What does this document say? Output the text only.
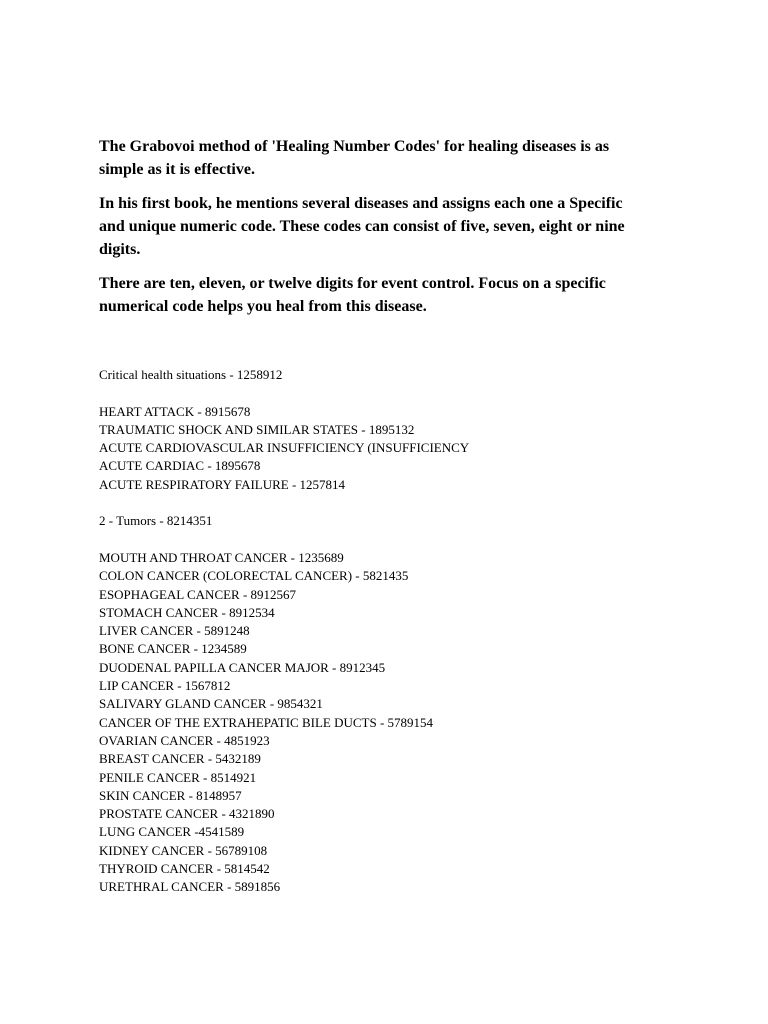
The Grabovoi method of 'Healing Number Codes' for healing diseases is as simple as it is effective.

In his first book, he mentions several diseases and assigns each one a Specific and unique numeric code. These codes can consist of five, seven, eight or nine digits.

There are ten, eleven, or twelve digits for event control. Focus on a specific numerical code helps you heal from this disease.

Critical health situations - 1258912
HEART ATTACK - 8915678
TRAUMATIC SHOCK AND SIMILAR STATES - 1895132
ACUTE CARDIOVASCULAR INSUFFICIENCY (INSUFFICIENCY
ACUTE CARDIAC - 1895678
ACUTE RESPIRATORY FAILURE - 1257814
2 - Tumors - 8214351
MOUTH AND THROAT CANCER - 1235689
COLON CANCER (COLORECTAL CANCER) - 5821435
ESOPHAGEAL CANCER - 8912567
STOMACH CANCER - 8912534
LIVER CANCER - 5891248
BONE CANCER - 1234589
DUODENAL PAPILLA CANCER MAJOR - 8912345
LIP CANCER - 1567812
SALIVARY GLAND CANCER - 9854321
CANCER OF THE EXTRAHEPATIC BILE DUCTS - 5789154
OVARIAN CANCER - 4851923
BREAST CANCER - 5432189
PENILE CANCER - 8514921
SKIN CANCER - 8148957
PROSTATE CANCER - 4321890
LUNG CANCER -4541589
KIDNEY CANCER - 56789108
THYROID CANCER - 5814542
URETHRAL CANCER - 5891856
